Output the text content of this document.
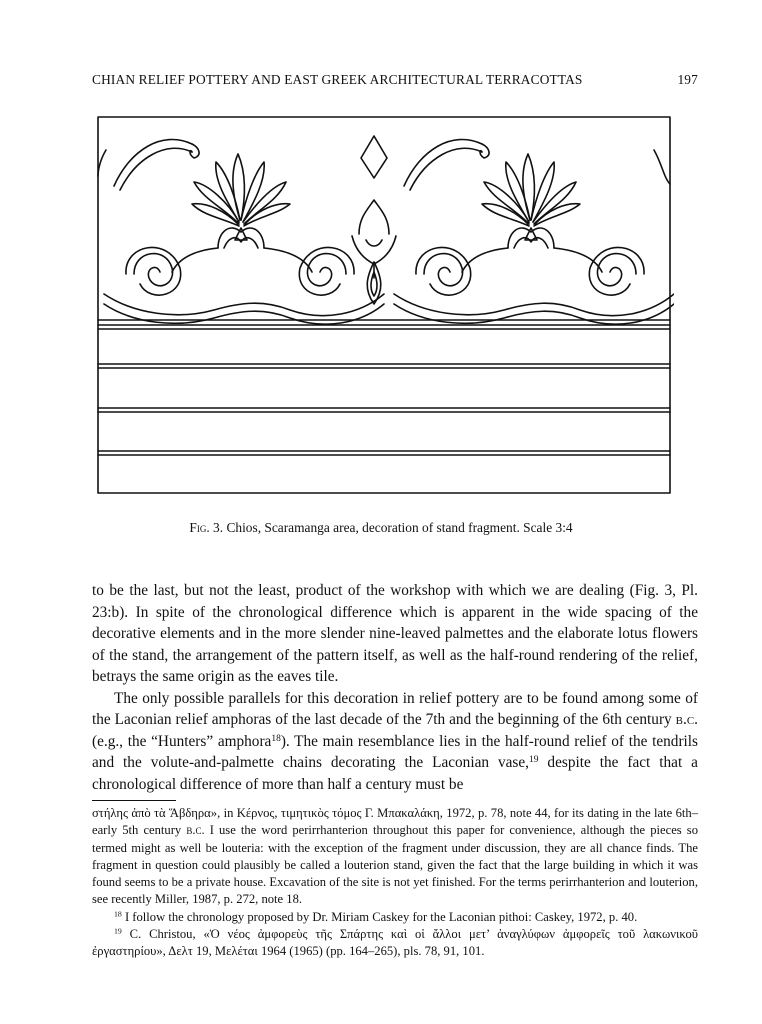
CHIAN RELIEF POTTERY AND EAST GREEK ARCHITECTURAL TERRACOTTAS	197
Fig. 3. Chios, Scaramanga area, decoration of stand fragment. Scale 3:4

to be the last, but not the least, product of the workshop with which we are dealing (Fig. 3, Pl. 23:b). In spite of the chronological difference which is apparent in the wide spacing of the decorative elements and in the more slender nine-leaved palmettes and the elaborate lotus flowers of the stand, the arrangement of the pattern itself, as well as the half-round rendering of the relief, betrays the same origin as the eaves tile.

The only possible parallels for this decoration in relief pottery are to be found among some of the Laconian relief amphoras of the last decade of the 7th and the beginning of the 6th century b.c. (e.g., the “Hunters” amphora$^{18}$). The main resemblance lies in the half-round relief of the tendrils and the volute-and-palmette chains decorating the Laconian vase,$^{19}$ despite the fact that a chronological difference of more than half a century must be

στήλης ἀπὸ τὰ Ἅβδηρα», in Κέρνος, τιμητικὸς τόμος Γ. Μπακαλάκη, 1972, p. 78, note 44, for its dating in the late 6th–early 5th century b.c. I use the word perirrhanterion throughout this paper for convenience, although the pieces so termed might as well be louteria: with the exception of the fragment under discussion, they are all chance finds. The fragment in question could plausibly be called a louterion stand, given the fact that the large building in which it was found seems to be a private house. Excavation of the site is not yet finished. For the terms perirrhanterion and louterion, see recently Miller, 1987, p. 272, note 18.

$^{18}$ I follow the chronology proposed by Dr. Miriam Caskey for the Laconian pithoi: Caskey, 1972, p. 40.

$^{19}$ C. Christou, «Ὁ νέος ἀμφορεὺς τῆς Σπάρτης καὶ οἱ ἄλλοι μετ’ ἀναγλύφων ἀμφορεῖς τοῦ λακωνικοῦ ἐργαστηρίου», Δελτ 19, Μελέται 1964 (1965) (pp. 164–265), pls. 78, 91, 101.
